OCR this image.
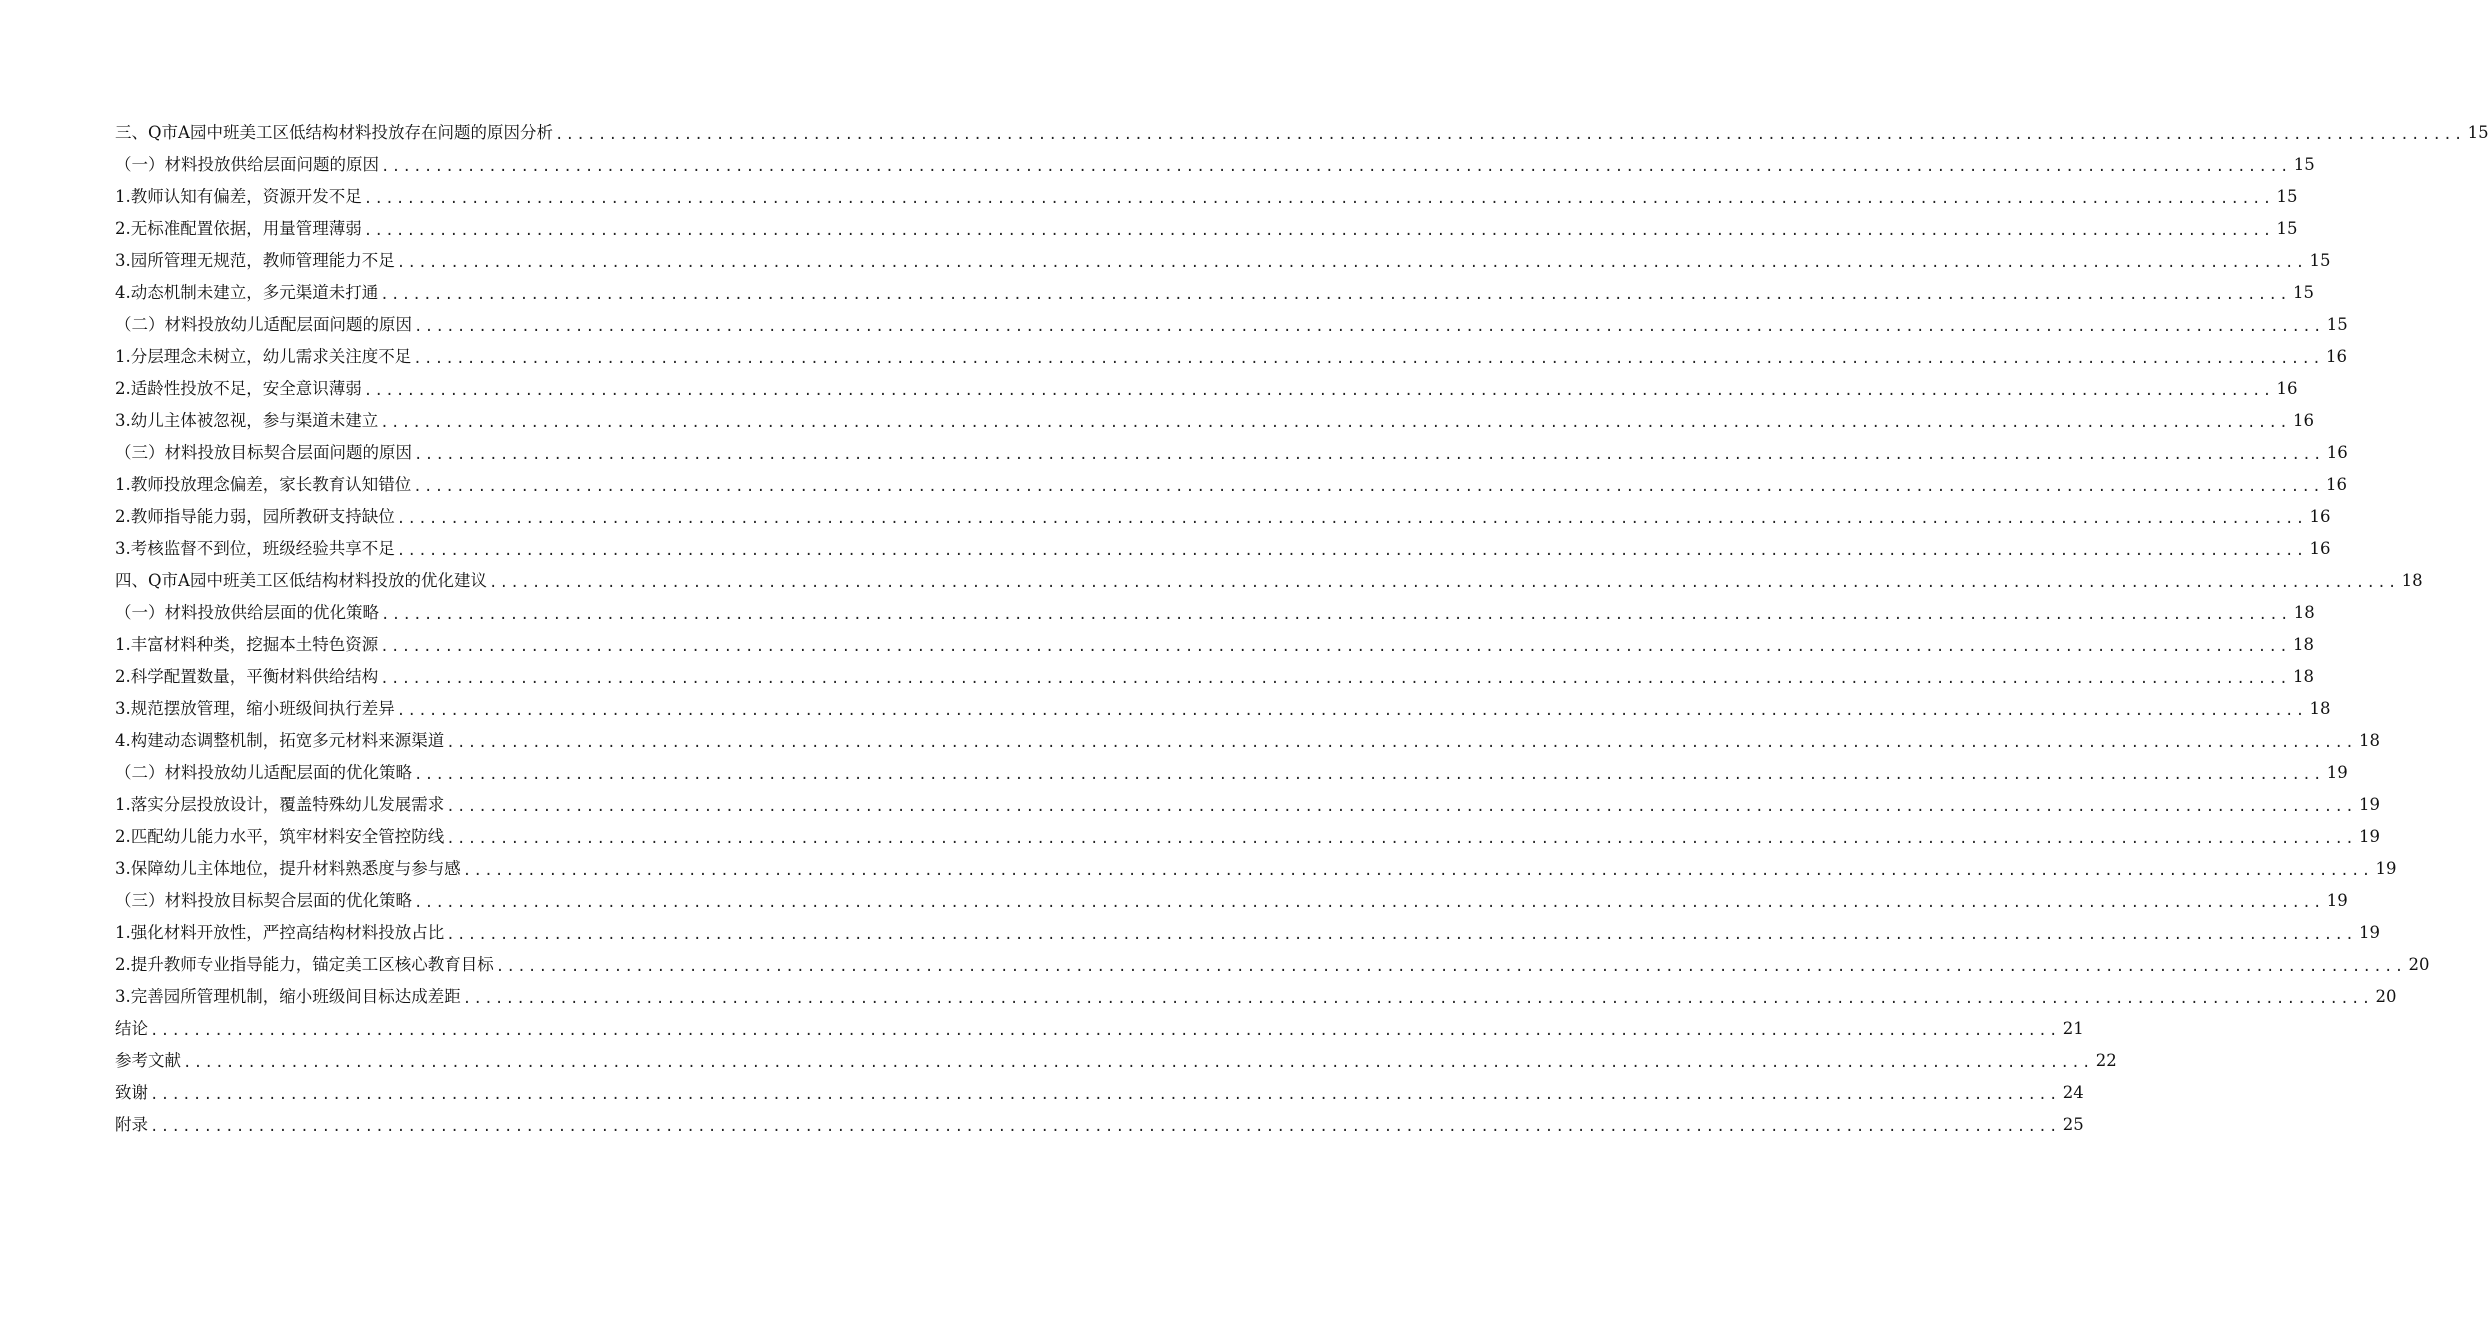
三、Q市A园中班美工区低结构材料投放存在问题的原因分析 .................................................................................................................................................................................. 15
（一）材料投放供给层面问题的原因 .................................................................................................................................................................................. 15
1.教师认知有偏差，资源开发不足 .................................................................................................................................................................................. 15
2.无标准配置依据，用量管理薄弱 .................................................................................................................................................................................. 15
3.园所管理无规范，教师管理能力不足 .................................................................................................................................................................................. 15
4.动态机制未建立，多元渠道未打通 .................................................................................................................................................................................. 15
（二）材料投放幼儿适配层面问题的原因 .................................................................................................................................................................................. 15
1.分层理念未树立，幼儿需求关注度不足 .................................................................................................................................................................................. 16
2.适龄性投放不足，安全意识薄弱 .................................................................................................................................................................................. 16
3.幼儿主体被忽视，参与渠道未建立 .................................................................................................................................................................................. 16
（三）材料投放目标契合层面问题的原因 .................................................................................................................................................................................. 16
1.教师投放理念偏差，家长教育认知错位 .................................................................................................................................................................................. 16
2.教师指导能力弱，园所教研支持缺位 .................................................................................................................................................................................. 16
3.考核监督不到位，班级经验共享不足 .................................................................................................................................................................................. 16
四、Q市A园中班美工区低结构材料投放的优化建议 .................................................................................................................................................................................. 18
（一）材料投放供给层面的优化策略 .................................................................................................................................................................................. 18
1.丰富材料种类，挖掘本土特色资源 .................................................................................................................................................................................. 18
2.科学配置数量，平衡材料供给结构 .................................................................................................................................................................................. 18
3.规范摆放管理，缩小班级间执行差异 .................................................................................................................................................................................. 18
4.构建动态调整机制，拓宽多元材料来源渠道 .................................................................................................................................................................................. 18
（二）材料投放幼儿适配层面的优化策略 .................................................................................................................................................................................. 19
1.落实分层投放设计，覆盖特殊幼儿发展需求 .................................................................................................................................................................................. 19
2.匹配幼儿能力水平，筑牢材料安全管控防线 .................................................................................................................................................................................. 19
3.保障幼儿主体地位，提升材料熟悉度与参与感 .................................................................................................................................................................................. 19
（三）材料投放目标契合层面的优化策略 .................................................................................................................................................................................. 19
1.强化材料开放性，严控高结构材料投放占比 .................................................................................................................................................................................. 19
2.提升教师专业指导能力，锚定美工区核心教育目标 .................................................................................................................................................................................. 20
3.完善园所管理机制，缩小班级间目标达成差距 .................................................................................................................................................................................. 20
结论 .................................................................................................................................................................................. 21
参考文献 .................................................................................................................................................................................. 22
致谢 .................................................................................................................................................................................. 24
附录 .................................................................................................................................................................................. 25
